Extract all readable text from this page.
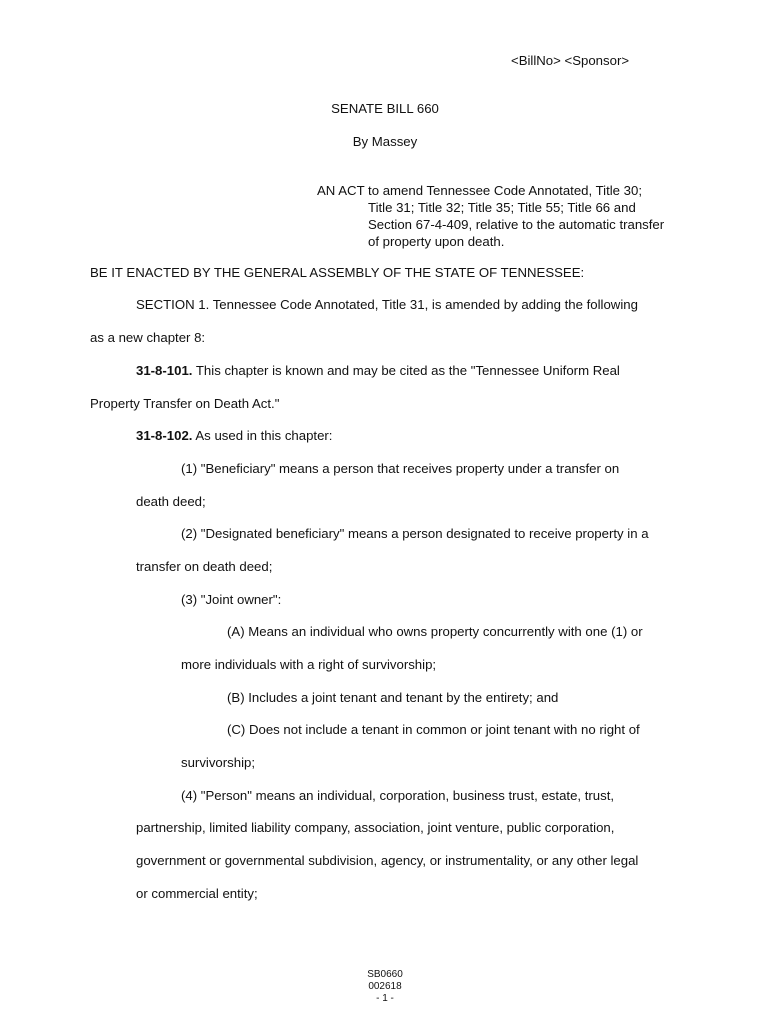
<BillNo> <Sponsor>
SENATE BILL 660
By Massey
AN ACT to amend Tennessee Code Annotated, Title 30;
Title 31; Title 32; Title 35; Title 55; Title 66 and
Section 67-4-409, relative to the automatic transfer
of property upon death.
BE IT ENACTED BY THE GENERAL ASSEMBLY OF THE STATE OF TENNESSEE:
SECTION 1. Tennessee Code Annotated, Title 31, is amended by adding the following
as a new chapter 8:
31-8-101. This chapter is known and may be cited as the "Tennessee Uniform Real
Property Transfer on Death Act."
31-8-102. As used in this chapter:
(1) "Beneficiary" means a person that receives property under a transfer on
death deed;
(2) "Designated beneficiary" means a person designated to receive property in a
transfer on death deed;
(3) "Joint owner":
(A) Means an individual who owns property concurrently with one (1) or
more individuals with a right of survivorship;
(B) Includes a joint tenant and tenant by the entirety; and
(C) Does not include a tenant in common or joint tenant with no right of
survivorship;
(4) "Person" means an individual, corporation, business trust, estate, trust,
partnership, limited liability company, association, joint venture, public corporation,
government or governmental subdivision, agency, or instrumentality, or any other legal
or commercial entity;
SB0660
002618
- 1 -
